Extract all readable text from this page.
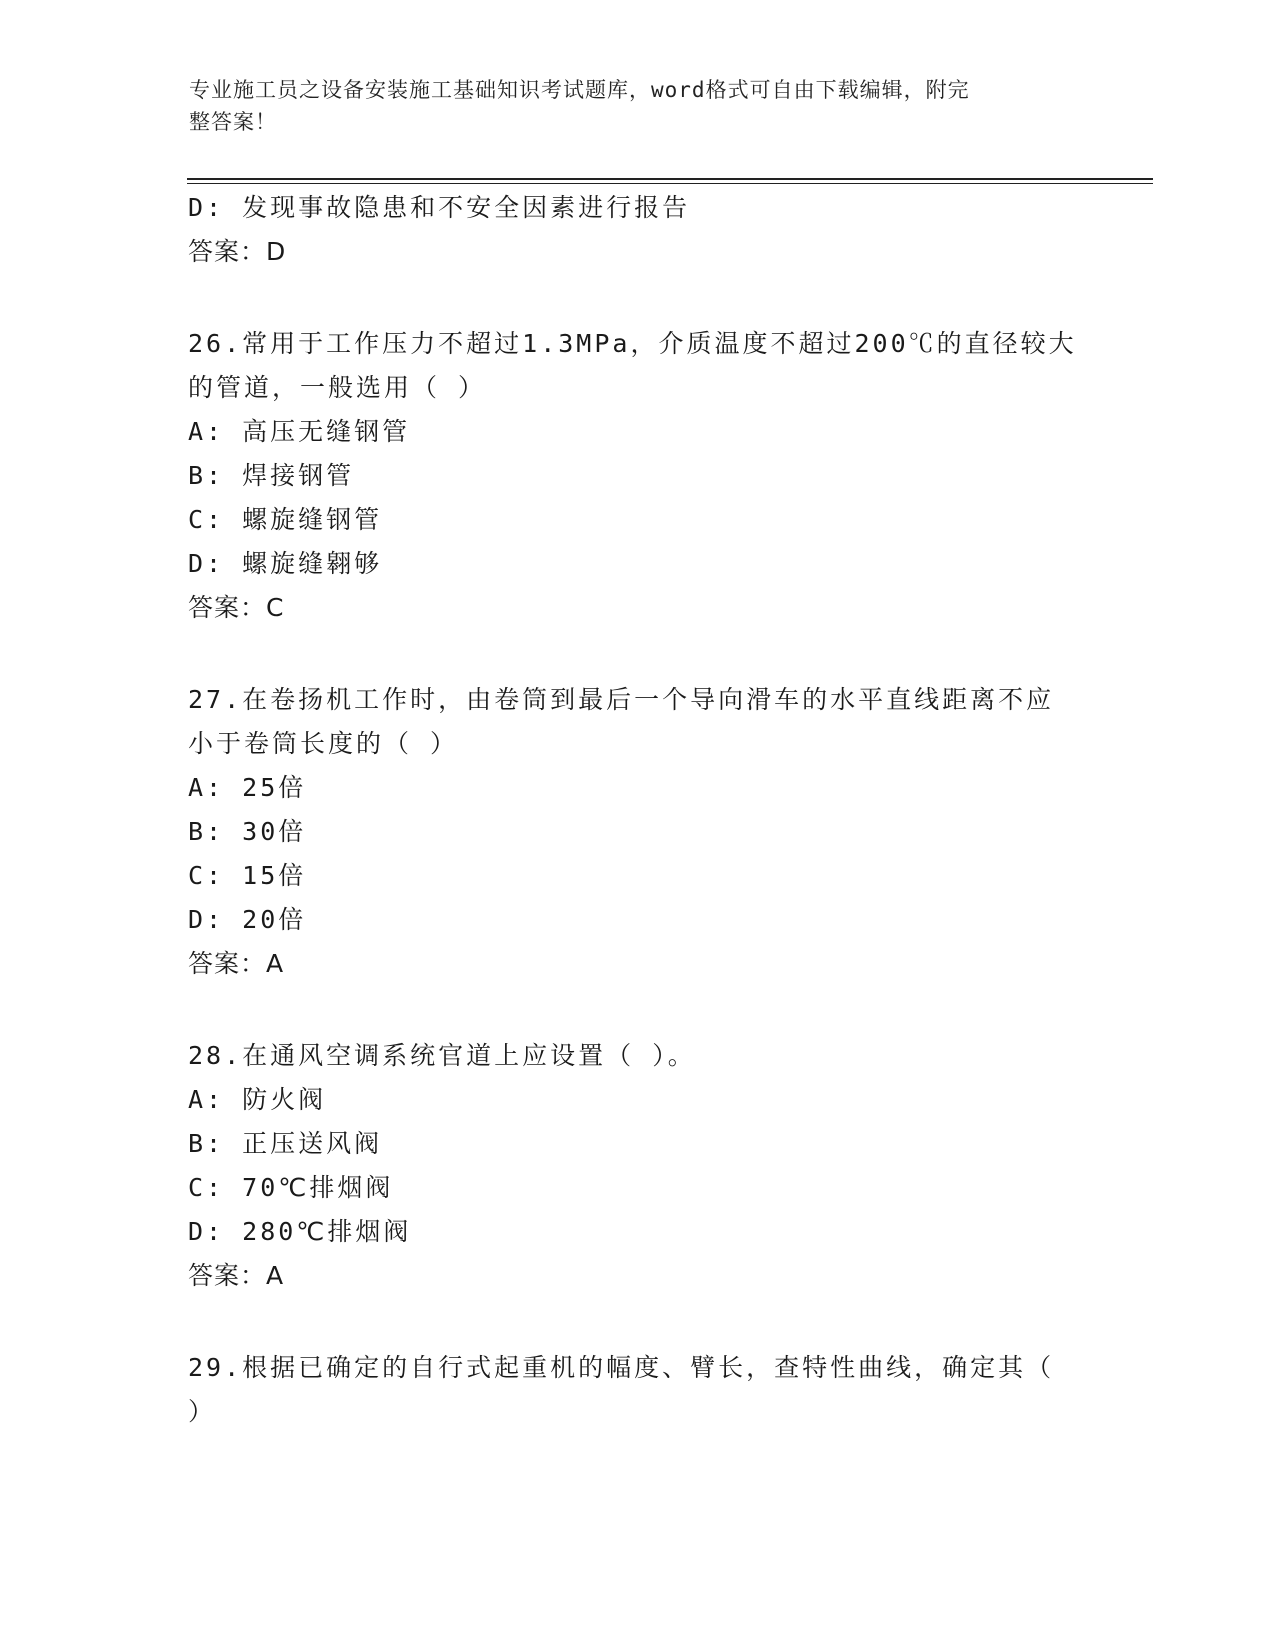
专业施工员之设备安装施工基础知识考试题库，word格式可自由下载编辑，附完
整答案！
D: 发现事故隐患和不安全因素进行报告
答案：D
26.常用于工作压力不超过1.3MPa，介质温度不超过200℃的直径较大
的管道，一般选用（ ）
A: 高压无缝钢管
B: 焊接钢管
C: 螺旋缝钢管
D: 螺旋缝翱够
答案：C
27.在卷扬机工作时，由卷筒到最后一个导向滑车的水平直线距离不应
小于卷筒长度的（ ）
A: 25倍
B: 30倍
C: 15倍
D: 20倍
答案：A
28.在通风空调系统官道上应设置（ ）。
A: 防火阀
B: 正压送风阀
C: 70℃排烟阀
D: 280℃排烟阀
答案：A
29.根据已确定的自行式起重机的幅度、臂长，查特性曲线，确定其（
）
